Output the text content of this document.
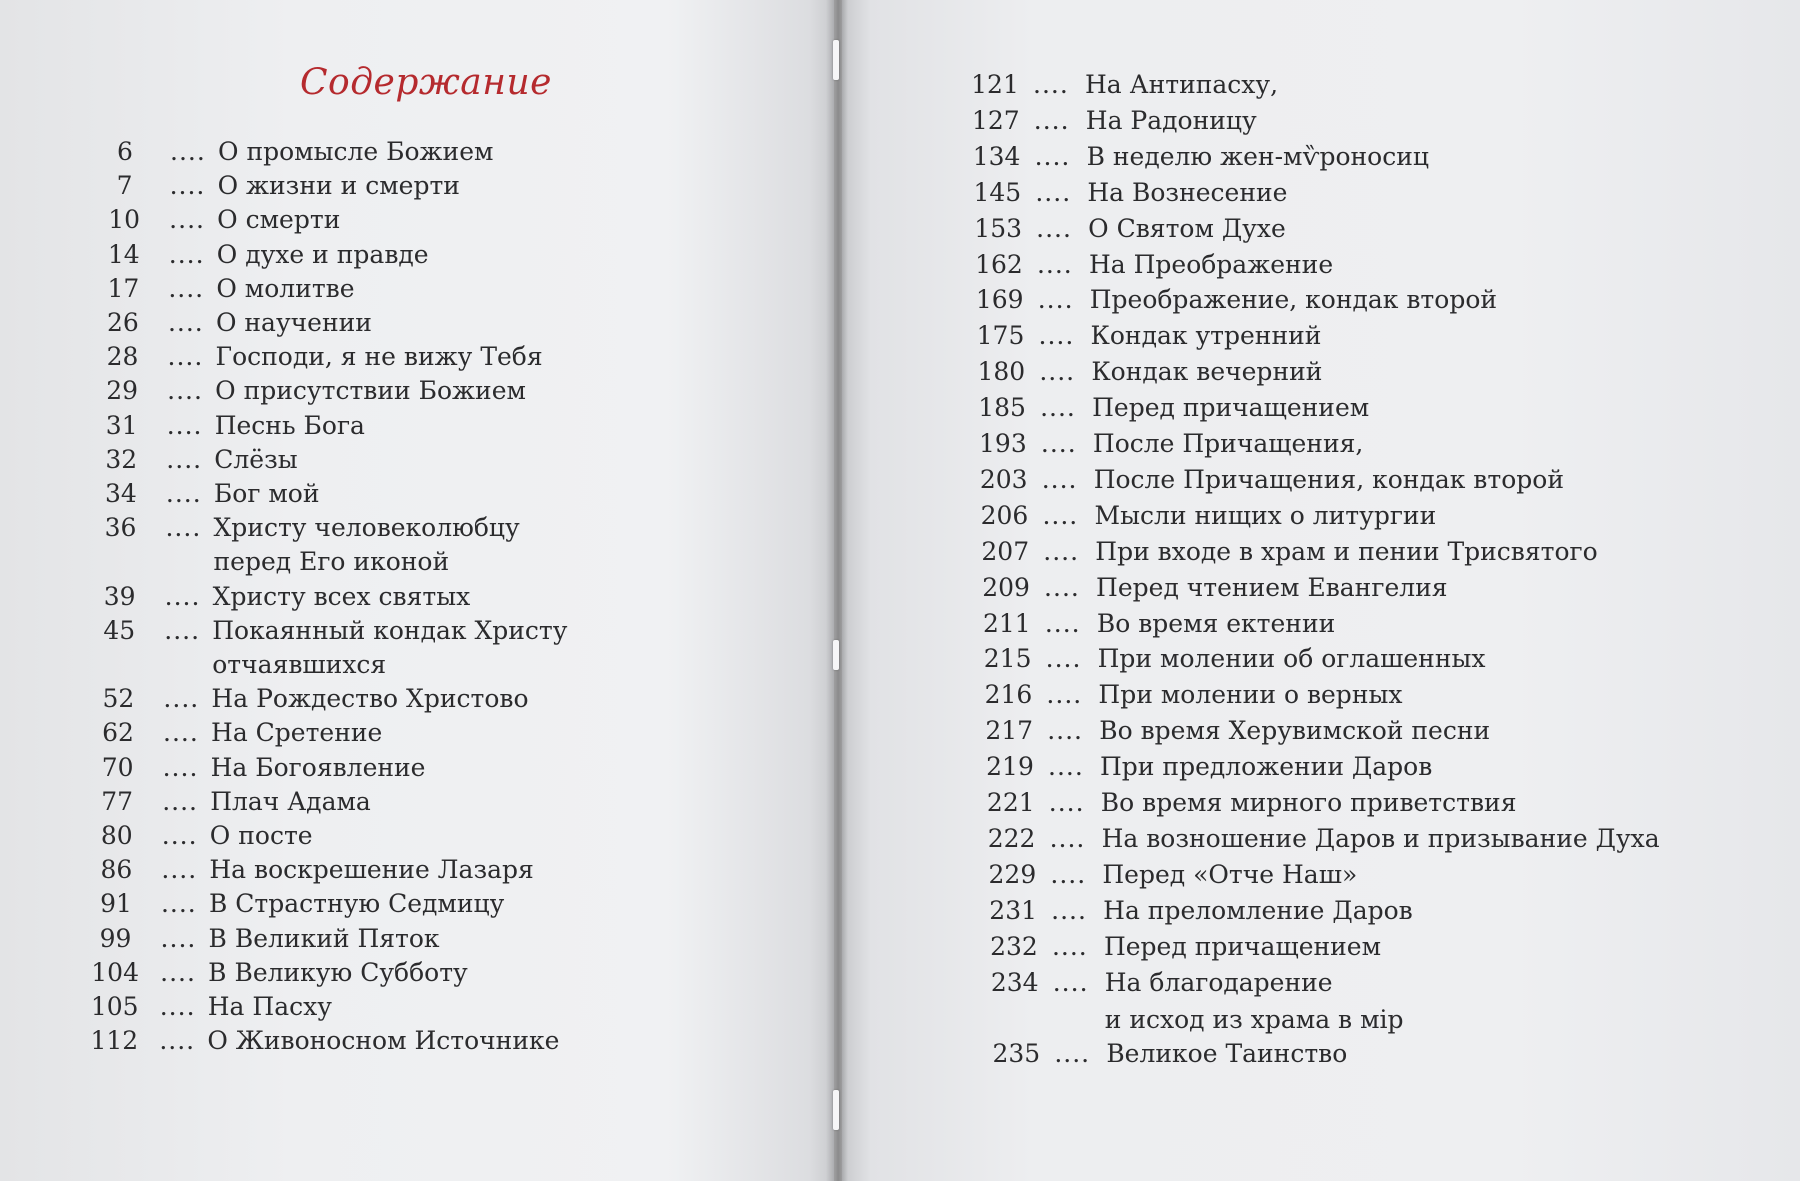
Содержание
6	.... О промысле Божием
7	.... О жизни и смерти
10	.... О смерти
14	.... О духе и правде
17	.... О молитве
26	.... О научении
28	.... Господи, я не вижу Тебя
29	.... О присутствии Божием
31	.... Песнь Бога
32	.... Слёзы
34	.... Бог мой
36	.... Христу человеколюбцу
перед Его иконой
39	.... Христу всех святых
45	.... Покаянный кондак Христу
отчаявшихся
52	.... На Рождество Христово
62	.... На Сретение
70	.... На Богоявление
77	.... Плач Адама
80	.... О посте
86	.... На воскрешение Лазаря
91	.... В Страстную Седмицу
99	.... В Великий Пяток
104 .... В Великую Субботу
105 .... На Пасху
112 .... О Живоносном Источнике
121 .... На Антипасху,
127 .... На Радоницу
134 .... В неделю жен-мѷроносиц
145 .... На Вознесение
153 .... О Святом Духе
162 .... На Преображение
169 .... Преображение, кондак второй
175 .... Кондак утренний
180 .... Кондак вечерний
185 .... Перед причащением
193 .... После Причащения,
203 .... После Причащения, кондак второй
206 .... Мысли нищих о литургии
207 .... При входе в храм и пении Трисвятого
209 .... Перед чтением Евангелия
211 .... Во время ектении
215 .... При молении об оглашенных
216 .... При молении о верных
217 .... Во время Херувимской песни
219 .... При предложении Даров
221 .... Во время мирного приветствия
222 .... На возношение Даров и призывание Духа
229 .... Перед «Отче Наш»
231 .... На преломление Даров
232 .... Перед причащением
234 .... На благодарение
и исход из храма в мір
235 .... Великое Таинство
